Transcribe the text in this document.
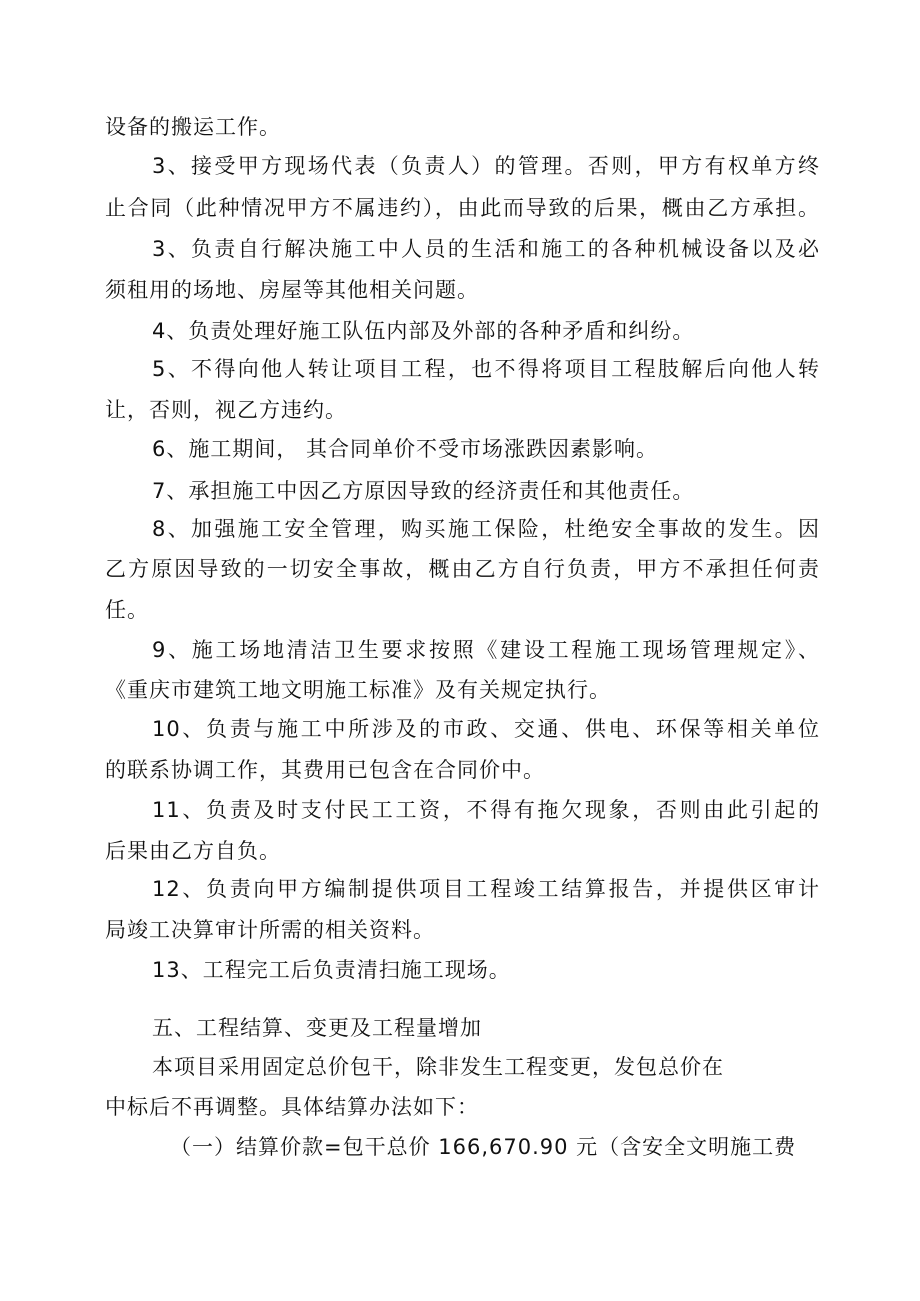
设备的搬运工作。
3、接受甲方现场代表（负责人）的管理。否则，甲方有权单方终
止合同（此种情况甲方不属违约），由此而导致的后果，概由乙方承担。
3、负责自行解决施工中人员的生活和施工的各种机械设备以及必
须租用的场地、房屋等其他相关问题。
4、负责处理好施工队伍内部及外部的各种矛盾和纠纷。
5、不得向他人转让项目工程，也不得将项目工程肢解后向他人转
让，否则，视乙方违约。
6、施工期间， 其合同单价不受市场涨跌因素影响。
7、承担施工中因乙方原因导致的经济责任和其他责任。
8、加强施工安全管理，购买施工保险，杜绝安全事故的发生。因
乙方原因导致的一切安全事故，概由乙方自行负责，甲方不承担任何责
任。
9、施工场地清洁卫生要求按照《建设工程施工现场管理规定》、
《重庆市建筑工地文明施工标准》及有关规定执行。
10、负责与施工中所涉及的市政、交通、供电、环保等相关单位
的联系协调工作，其费用已包含在合同价中。
11、负责及时支付民工工资，不得有拖欠现象，否则由此引起的
后果由乙方自负。
12、负责向甲方编制提供项目工程竣工结算报告，并提供区审计
局竣工决算审计所需的相关资料。
13、工程完工后负责清扫施工现场。
五、工程结算、变更及工程量增加
本项目采用固定总价包干，除非发生工程变更，发包总价在
中标后不再调整。具体结算办法如下：
（一）结算价款=包干总价 166,670.90 元（含安全文明施工费
